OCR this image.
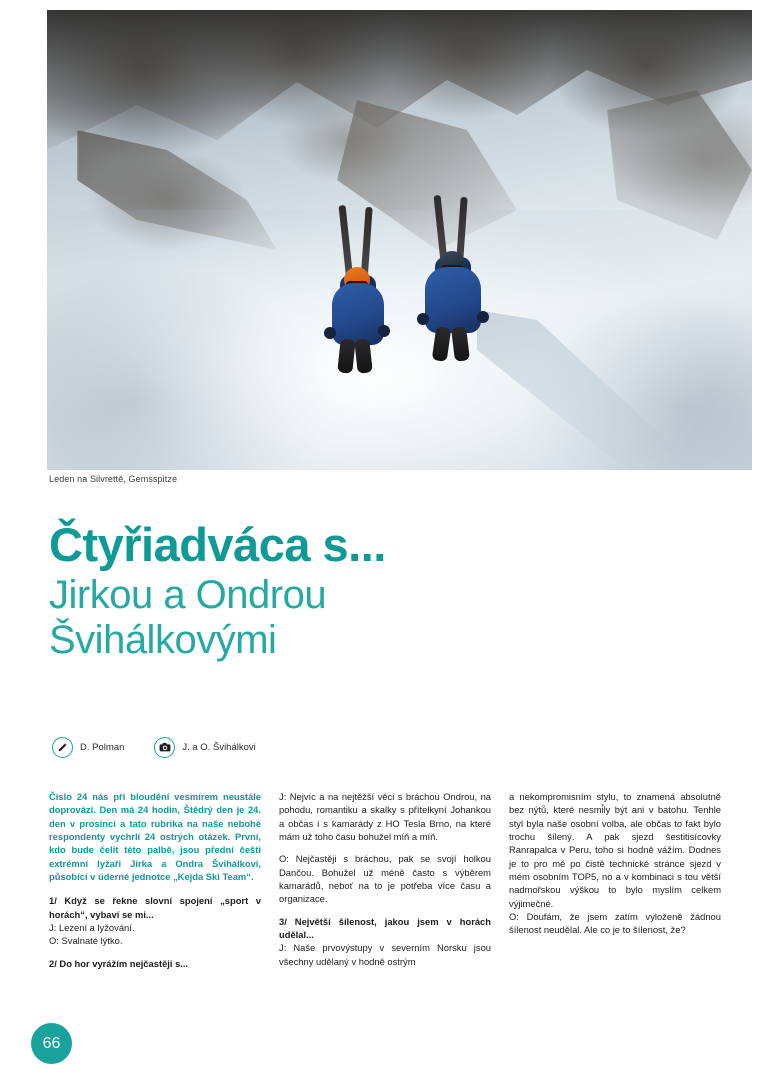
Leden na Silvrettě, Gemsspitze
Čtyřiadváca s...
Jirkou a Ondrou
Švihálkovými
D. Polman	J. a O. Švihálkovi

Číslo 24 nás při bloudění vesmírem neustále doprovází. Den má 24 hodin, Štědrý den je 24. den v prosinci a tato rubrika na naše nebohé respondenty vychrlí 24 ostrých otázek. První, kdo bude čelit této palbě, jsou přední čeští extrémní lyžaři Jirka a Ondra Švihálkovi, působící v úderné jednotce „Kejda Ski Team“.

1/ Když se řekne slovní spojení „sport v horách“, vybaví se mi...

J: Lezení a lyžování.

O: Svalnaté lýtko.

2/ Do hor vyrážím nejčastěji s...

J: Nejvíc a na nejtěžší věci s bráchou Ondrou, na pohodu, romantiku a skalky s přítelkyní Johankou a občas i s kamarády z HO Tesla Brno, na které mám už toho času bohužel míň a míň.

O: Nejčastěji s bráchou, pak se svojí holkou Dančou. Bohužel už méně často s výběrem kamarádů, neboť na to je potřeba více času a organizace.

3/ Největší šílenost, jakou jsem v horách udělal...

J: Naše prvovýstupy v severním Norsku jsou všechny udělaný v hodně ostrým

a nekompromisním stylu, to znamená absolutně bez nýtů, které nesmi̊ly být ani v batohu. Tenhle styl byla naše osobní volba, ale občas to fakt bylo trochu šílený. A pak sjezd šestitisícovky Ranrapalca v Peru, toho si hodně vážím. Dodnes je to pro mě po čistě technické stránce sjezd v mém osobním TOP5, no a v kombinaci s tou větší nadmořskou výškou to bylo myslím celkem výjimečné.

O: Doufám, že jsem zatím vyloženě žádnou šílenost neudělal. Ale co je to šílenost, že?

66
